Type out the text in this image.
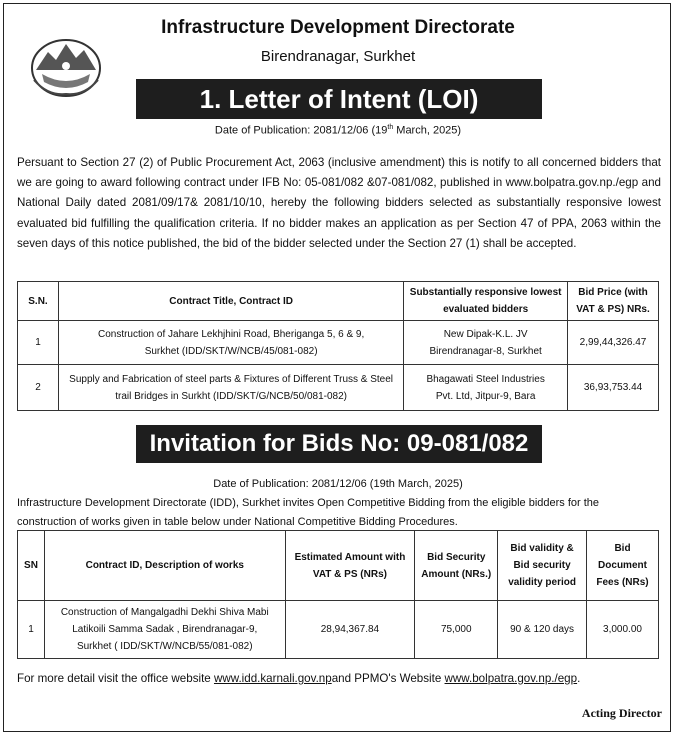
Infrastructure Development Directorate
Birendranagar, Surkhet
1. Letter of Intent (LOI)
Date of Publication: 2081/12/06 (19th March, 2025)
Persuant to Section 27 (2) of Public Procurement Act, 2063 (inclusive amendment) this is notify to all concerned bidders that we are going to award following contract under IFB No: 05-081/082 &07-081/082, published in www.bolpatra.gov.np./egp and National Daily dated 2081/09/17& 2081/10/10, hereby the following bidders selected as substantially responsive lowest evaluated bid fulfilling the qualification criteria. If no bidder makes an application as per Section 47 of PPA, 2063 within the seven days of this notice published, the bid of the bidder selected under the Section 27 (1) shall be accepted.
S.N.	Contract Title, Contract ID	Substantially responsive lowest evaluated bidders	Bid Price (with VAT & PS) NRs.
1	Construction of Jahare Lekhjhini Road, Bheriganga 5, 6 & 9, Surkhet (IDD/SKT/W/NCB/45/081-082)	New Dipak-K.L. JV Birendranagar-8, Surkhet	2,99,44,326.47
2	Supply and Fabrication of steel parts & Fixtures of Different Truss & Steel trail Bridges in Surkht (IDD/SKT/G/NCB/50/081-082)	Bhagawati Steel Industries Pvt. Ltd, Jitpur-9, Bara	36,93,753.44
Invitation for Bids No: 09-081/082
Date of Publication: 2081/12/06 (19th March, 2025)
Infrastructure Development Directorate (IDD), Surkhet invites Open Competitive Bidding from the eligible bidders for the construction of works given in table below under National Competitive Bidding Procedures.
SN	Contract ID, Description of works	Estimated Amount with VAT & PS (NRs)	Bid Security Amount (NRs.)	Bid validity & Bid security validity period	Bid Document Fees (NRs)
1	Construction of Mangalgadhi Dekhi Shiva Mabi Latikoili Samma Sadak , Birendranagar-9, Surkhet ( IDD/SKT/W/NCB/55/081-082)	28,94,367.84	75,000	90 & 120 days	3,000.00
For more detail visit the office website www.idd.karnali.gov.npand PPMO's Website www.bolpatra.gov.np./egp.
Acting Director
